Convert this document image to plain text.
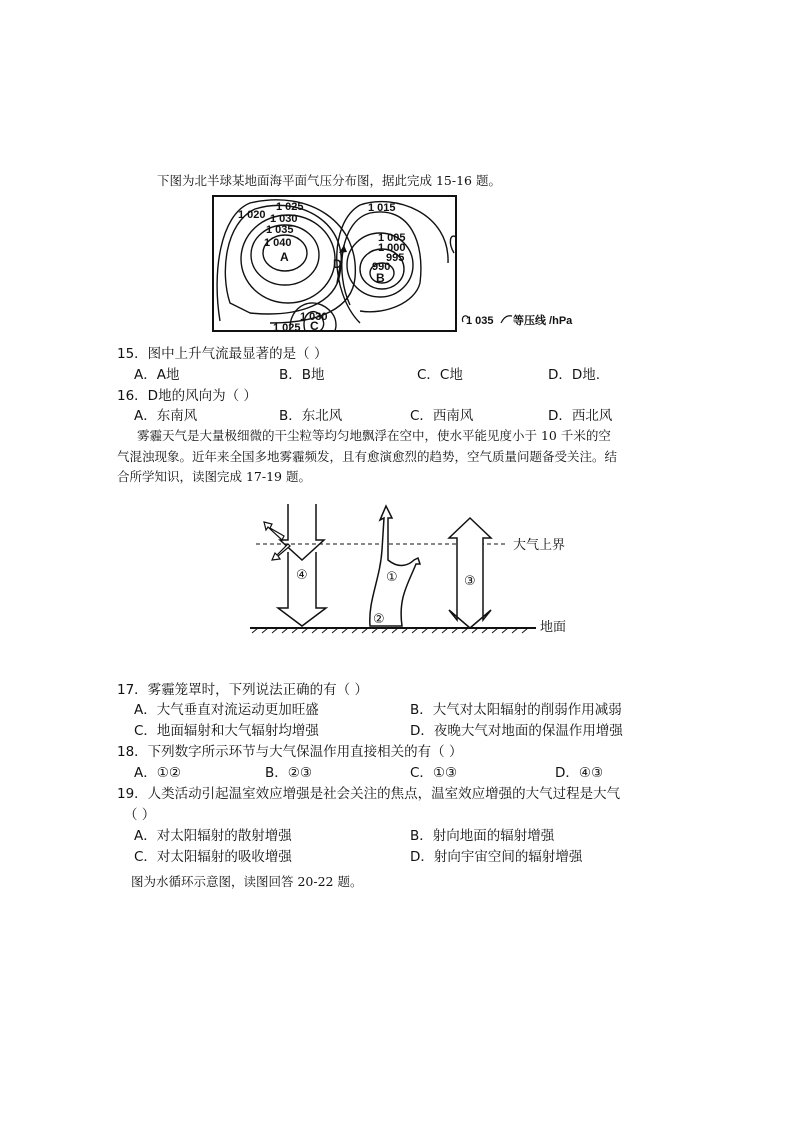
下图为北半球某地面海平面气压分布图，据此完成 15-16 题。
1 020
1 025
1 030
1 035
1 040
1 015
1 005
1 000
995
990
1 030
1 025
A
B
C
D
1 035 等压线 /hPa
15．图中上升气流最显著的是（ ）
A．A地	B．B地	C．C地	D．D地.
16．D地的风向为（ ）
A．东南风	B．东北风	C．西南风	D．西北风
雾霾天气是大量极细微的干尘粒等均匀地飘浮在空中，使水平能见度小于 10 千米的空
气混浊现象。近年来全国多地雾霾频发，且有愈演愈烈的趋势，空气质量问题备受关注。结
合所学知识，读图完成 17-19 题。
④	①
②
③
大气上界
地面
17．雾霾笼罩时，下列说法正确的有（ ）
A．大气垂直对流运动更加旺盛	B．大气对太阳辐射的削弱作用减弱
C．地面辐射和大气辐射均增强	D．夜晚大气对地面的保温作用增强
18．下列数字所示环节与大气保温作用直接相关的有（ ）
A．①②	B．②③	C．①③	D．④③
19．人类活动引起温室效应增强是社会关注的焦点，温室效应增强的大气过程是大气
（ ）
A．对太阳辐射的散射增强	B．射向地面的辐射增强
C．对太阳辐射的吸收增强	D．射向宇宙空间的辐射增强
图为水循环示意图，读图回答 20-22 题。
